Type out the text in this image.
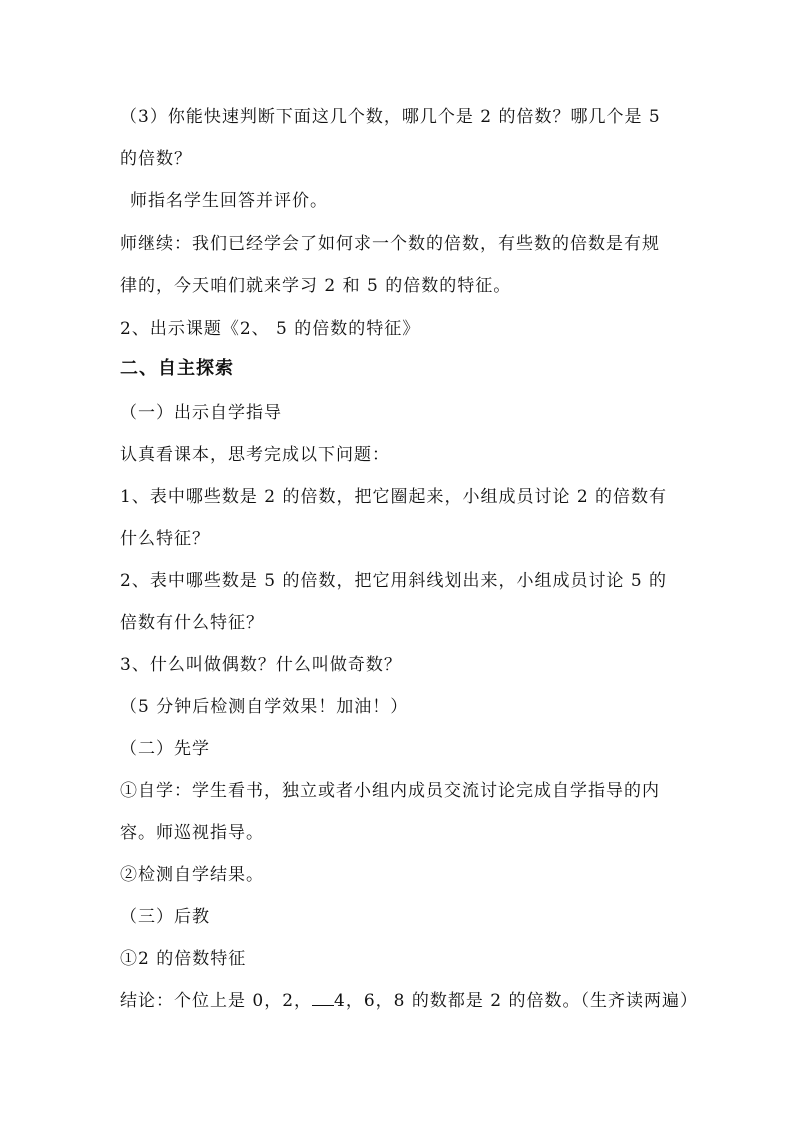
（3）你能快速判断下面这几个数，哪几个是 2 的倍数？哪几个是 5
的倍数？
师指名学生回答并评价。
师继续：我们已经学会了如何求一个数的倍数，有些数的倍数是有规
律的，今天咱们就来学习 2 和 5 的倍数的特征。
2、出示课题《2、 5 的倍数的特征》
二、自主探索
（一）出示自学指导
认真看课本，思考完成以下问题：
1、表中哪些数是 2 的倍数，把它圈起来，小组成员讨论 2 的倍数有
什么特征？
2、表中哪些数是 5 的倍数，把它用斜线划出来，小组成员讨论 5 的
倍数有什么特征？
3、什么叫做偶数？什么叫做奇数？
（5 分钟后检测自学效果！加油！）
（二）先学
①自学：学生看书，独立或者小组内成员交流讨论完成自学指导的内
容。师巡视指导。
②检测自学结果。
（三）后教
①2 的倍数特征
结论：个位上是 0，2， 4，6，8 的数都是 2 的倍数。（生齐读两遍）
